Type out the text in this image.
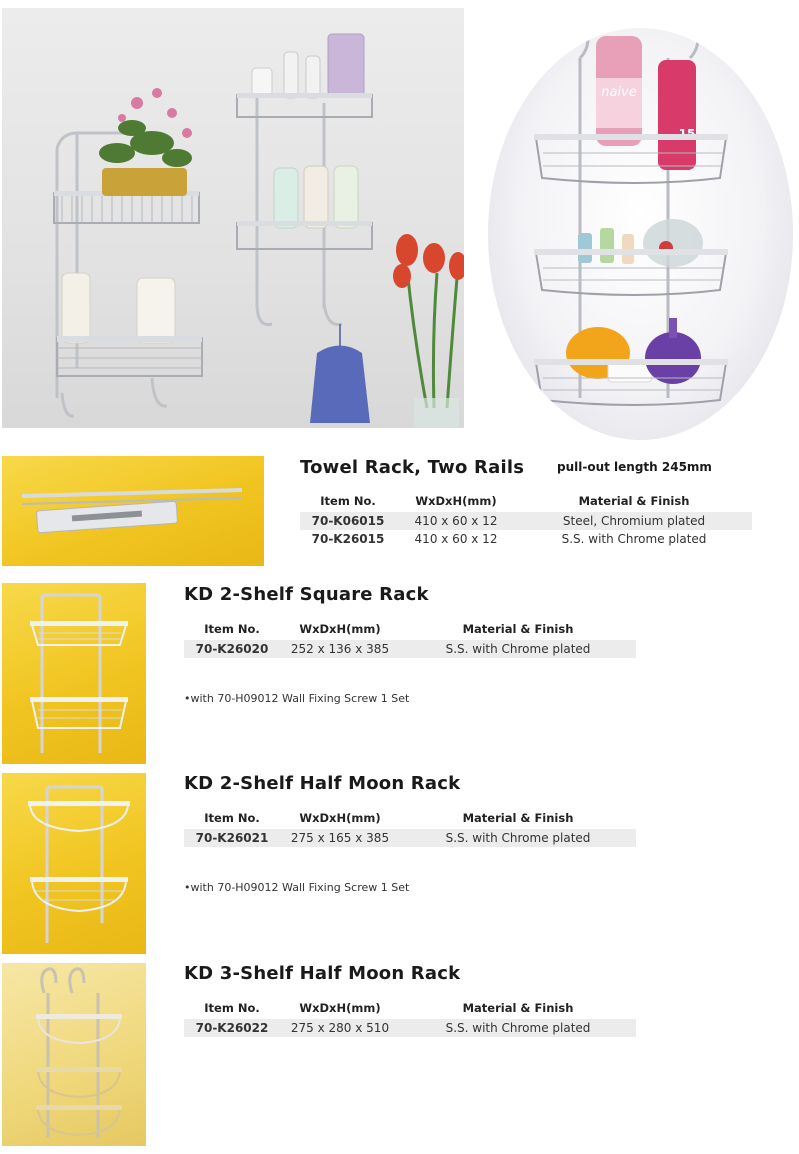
naive
Towel Rack, Two Rails	pull-out length 245mm
Item No.	WxDxH(mm)	Material & Finish
70-K06015	410 x 60 x 12	Steel, Chromium plated
70-K26015	410 x 60 x 12	S.S. with Chrome plated
KD 2-Shelf Square Rack
Item No.	WxDxH(mm)	Material & Finish
70-K26020	252 x 136 x 385	S.S. with Chrome plated
•with 70-H09012 Wall Fixing Screw 1 Set
KD 2-Shelf Half Moon Rack
Item No.	WxDxH(mm)	Material & Finish
70-K26021	275 x 165 x 385	S.S. with Chrome plated
•with 70-H09012 Wall Fixing Screw 1 Set
KD 3-Shelf Half Moon Rack
Item No.	WxDxH(mm)	Material & Finish
70-K26022	275 x 280 x 510	S.S. with Chrome plated
